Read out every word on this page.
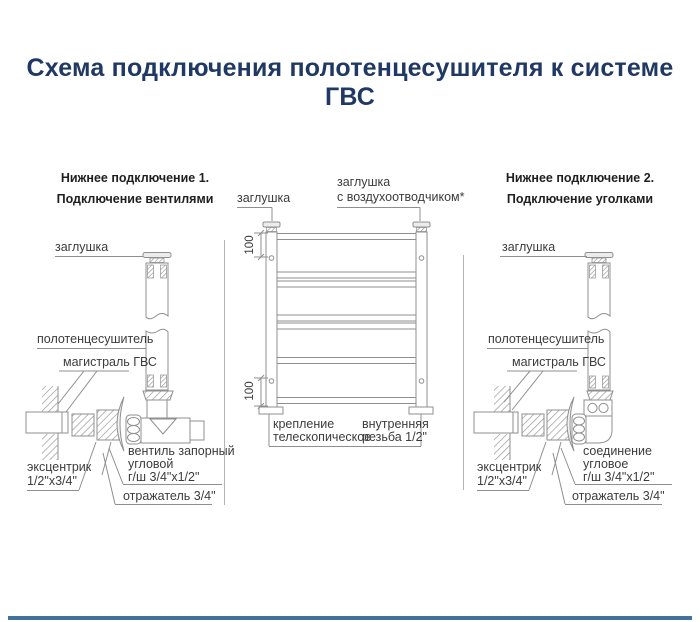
Схема подключения полотенцесушителя к системе ГВС
Нижнее подключение 1.
Подключение вентилями
заглушка
полотенцесушитель
магистраль ГВС
эксцентрик
1/2"х3/4"
вентиль запорный
угловой
г/ш 3/4"х1/2"
отражатель 3/4"
заглушка
заглушка
с воздухоотводчиком*
100
100
крепление
телескопическое
внутренняя
резьба 1/2"
Нижнее подключение 2.
Подключение уголками
заглушка
полотенцесушитель
магистраль ГВС
эксцентрик
1/2"х3/4"
соединение
угловое
г/ш 3/4"х1/2"
отражатель 3/4"
